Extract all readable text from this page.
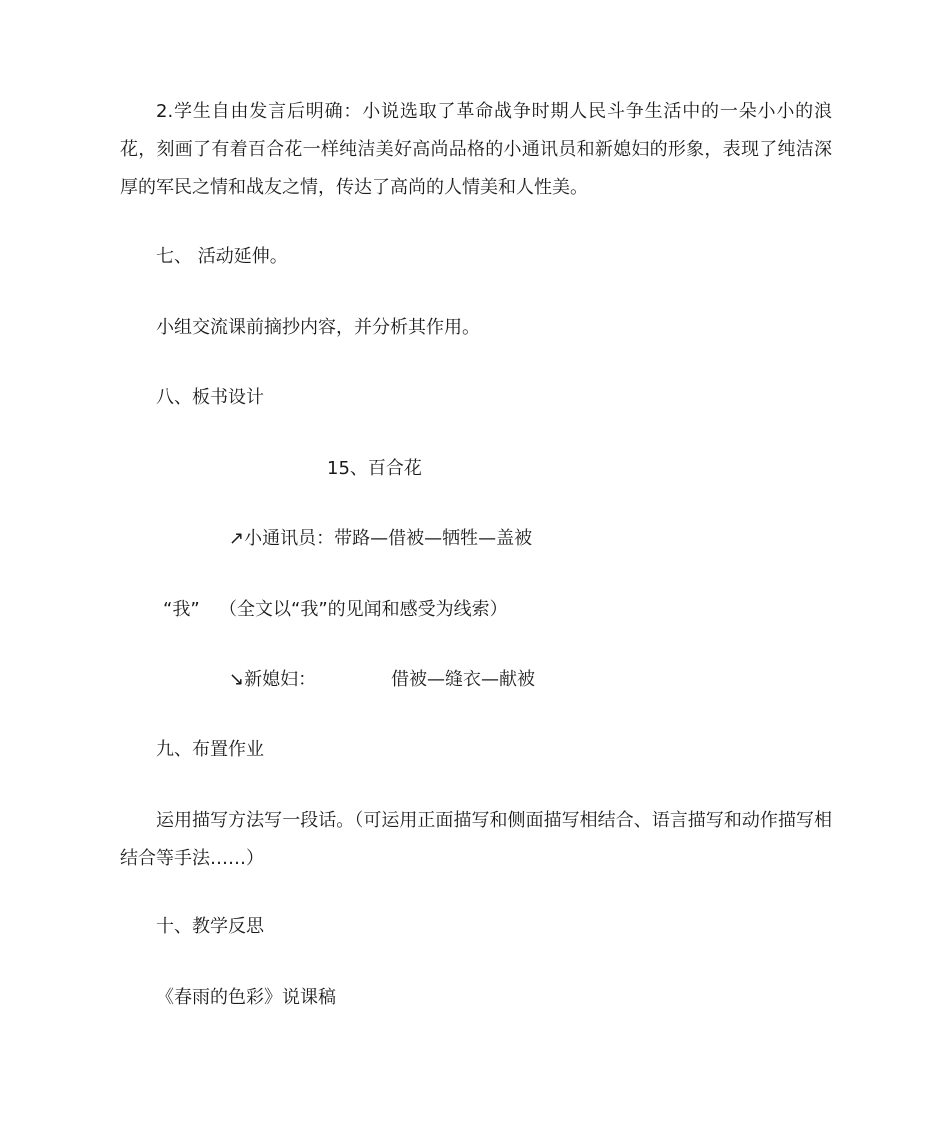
2.学生自由发言后明确：小说选取了革命战争时期人民斗争生活中的一朵小小的浪花，刻画了有着百合花一样纯洁美好高尚品格的小通讯员和新媳妇的形象，表现了纯洁深厚的军民之情和战友之情，传达了高尚的人情美和人性美。
七、 活动延伸。
小组交流课前摘抄内容，并分析其作用。
八、板书设计
15、百合花
↗小通讯员：带路—借被—牺牲—盖被
“我” （全文以“我”的见闻和感受为线索）
↘新媳妇：	借被—缝衣—献被
九、布置作业
运用描写方法写一段话。（可运用正面描写和侧面描写相结合、语言描写和动作描写相结合等手法……）
十、教学反思
《春雨的色彩》说课稿
